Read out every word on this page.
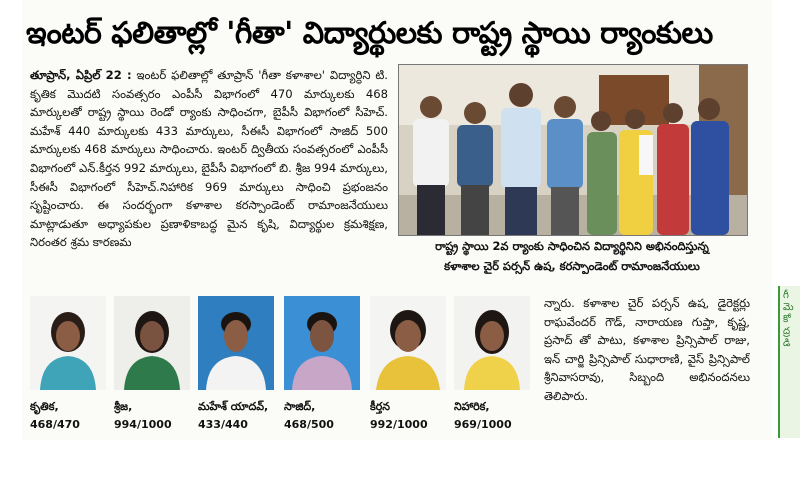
ఇంటర్ ఫలితాల్లో 'గీతా' విద్యార్థులకు రాష్ట్ర స్థాయి ర్యాంకులు

తూప్రాన్, ఏప్రిల్ 22 : ఇంటర్ ఫలితాల్లో తూప్రాన్ 'గీతా కళాశాల' విద్యార్ధిని టి. కృతిక మొదటి సంవత్సరం ఎంపీసీ విభాగంలో 470 మార్కులకు 468 మార్కులతో రాష్ట్ర స్థాయి రెండో ర్యాంకు సాధించగా, బైపీసీ విభాగంలో సీహెచ్. మహేశ్ 440 మార్కులకు 433 మార్కులు, సీఈసీ విభాగంలో సాజిద్ 500 మార్కులకు 468 మార్కులు సాధించారు. ఇంటర్ ద్వితీయ సంవత్సరంలో ఎంపీసీ విభాగంలో ఎన్.కీర్తన 992 మార్కులు, బైపీసీ విభాగంలో బి. శ్రీజ 994 మార్కులు, సీఈసీ విభాగంలో సీహెచ్.నిహారిక 969 మార్కులు సాధించి ప్రభంజనం సృష్టించారు. ఈ సందర్భంగా కళాశాల కరస్పాండెంట్ రామాంజనేయులు మాట్లాడుతూ అధ్యాపకుల ప్రణాళికాబద్ధ మైన కృషి, విద్యార్థుల క్రమశిక్షణ, నిరంతర శ్రమ కారణమ	రాష్ట్ర స్థాయి 2వ ర్యాంకు సాధించిన విద్యార్థినిని అభినందిస్తున్న
కళాశాల చైర్ పర్సన్ ఉష, కరస్పాండెంట్ రామాంజనేయులు

కృతిక,
468/470
శ్రీజ,
994/1000
మహేశ్ యాదవ్,
433/440
సాజిద్,
468/500
కీర్తన
992/1000
నిహారిక,
969/1000

న్నారు. కళాశాల చైర్ పర్సన్ ఉష, డైరెక్టర్లు రాఘవేందర్ గౌడ్, నారాయణ గుప్తా, కృష్ణ, ప్రసాద్ తో పాటు, కళాశాల ప్రిన్సిపాల్ రాజు, ఇన్ చార్జి ప్రిన్సిపాల్ సుధారాణి, వైస్ ప్రిన్సిపాల్ శ్రీనివాసరావు, సిబ్బంది అభినందనలు తెలిపారు.

గీ మె కో ద్ర డి
